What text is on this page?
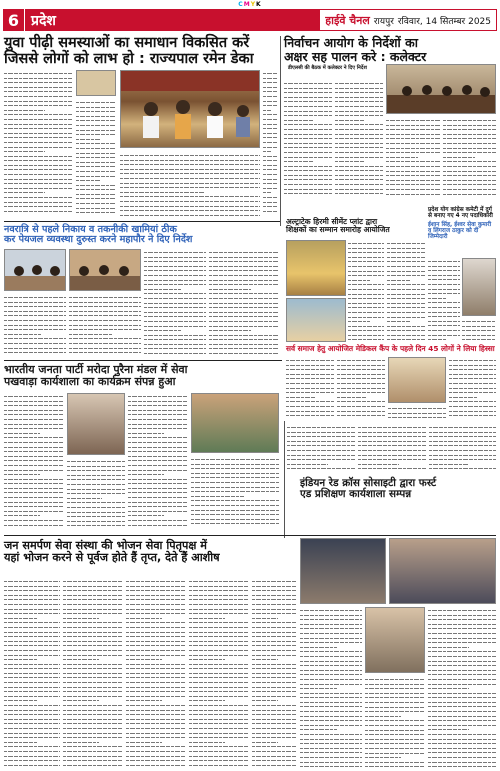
CMYK
6 प्रदेश	हाईवे चैनल रायपुर रविवार, 14 सितम्बर 2025
युवा पीढ़ी समस्याओं का समाधान विकसित करें
जिससे लोगों को लाभ हो : राज्यपाल रमेन डेका
निर्वाचन आयोग के निर्देशों का
अक्षर सह पालन करे : कलेक्टर
डीएलसी की बैठक में कलेक्टर ने दिए निर्देश
नवरात्रि से पहले निकाय व तकनीकी खामियां ठीक
कर पेयजल व्यवस्था दुरुस्त करने महापौर ने दिए निर्देश
अल्ट्राटेक हिरमी सीमेंट प्लांट द्वारा
शिक्षकों का सम्मान समारोह आयोजित
प्रदेश योग कांग्रेस कमेटी में दुर्ग से बनाए गए 4 नए पदाधिकारी
ईशान सिंह, ईश्वर सेवा कुमारी व लिंगराज ठाकुर को दी जिम्मेदारी
सर्व समाज हेतु आयोजित मेडिकल कैंप के पहले दिन 45 लोगों ने लिया हिस्सा
भारतीय जनता पार्टी मरोदा पुरैना मंडल में सेवा
पखवाड़ा कार्यशाला का कार्यक्रम संपन्न हुआ
इंडियन रेड क्रॉस सोसाइटी द्वारा फर्स्ट
एड प्रशिक्षण कार्यशाला सम्पन्न
जन समर्पण सेवा संस्था की भोजन सेवा पितृपक्ष में
यहां भोजन करने से पूर्वज होते हैं तृप्त, देते हैं आशीष
